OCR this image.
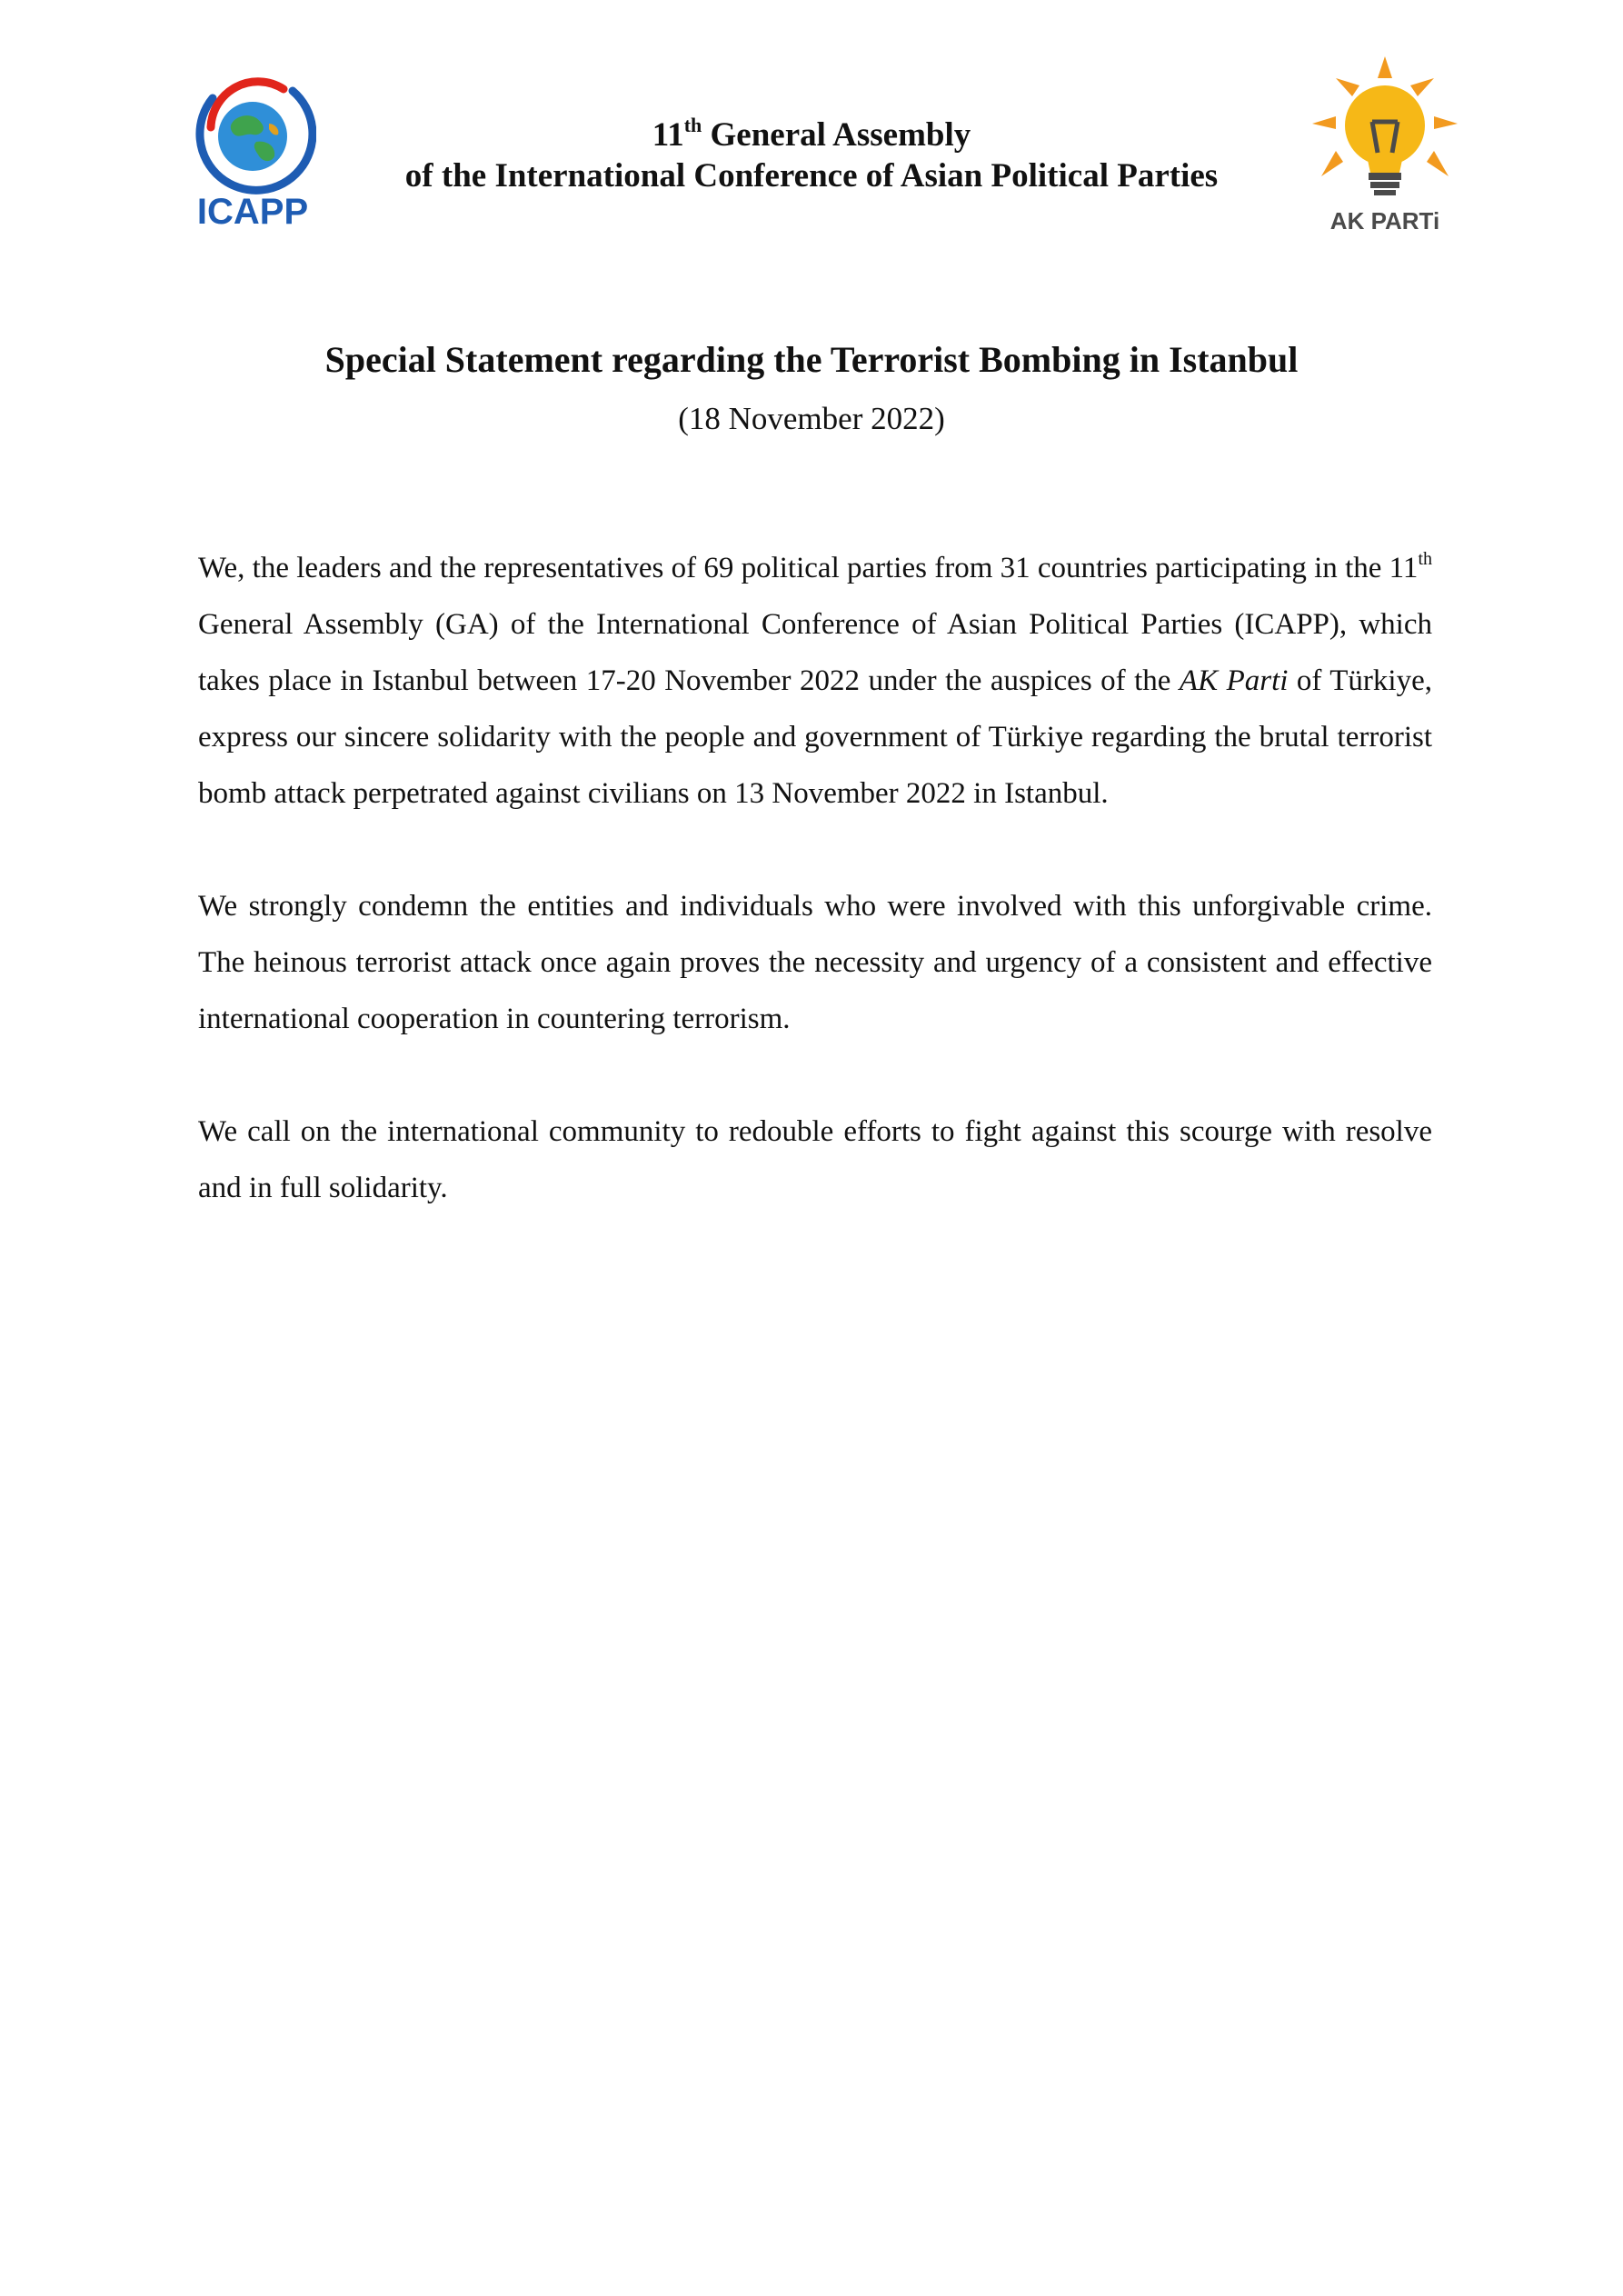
ICAPP
11th General Assembly
of the International Conference of Asian Political Parties
AK PARTi
Special Statement regarding the Terrorist Bombing in Istanbul
(18 November 2022)

We, the leaders and the representatives of 69 political parties from 31 countries participating in the 11th General Assembly (GA) of the International Conference of Asian Political Parties (ICAPP), which takes place in Istanbul between 17-20 November 2022 under the auspices of the AK Parti of Türkiye, express our sincere solidarity with the people and government of Türkiye regarding the brutal terrorist bomb attack perpetrated against civilians on 13 November 2022 in Istanbul.

We strongly condemn the entities and individuals who were involved with this unforgivable crime. The heinous terrorist attack once again proves the necessity and urgency of a consistent and effective international cooperation in countering terrorism.

We call on the international community to redouble efforts to fight against this scourge with resolve and in full solidarity.
